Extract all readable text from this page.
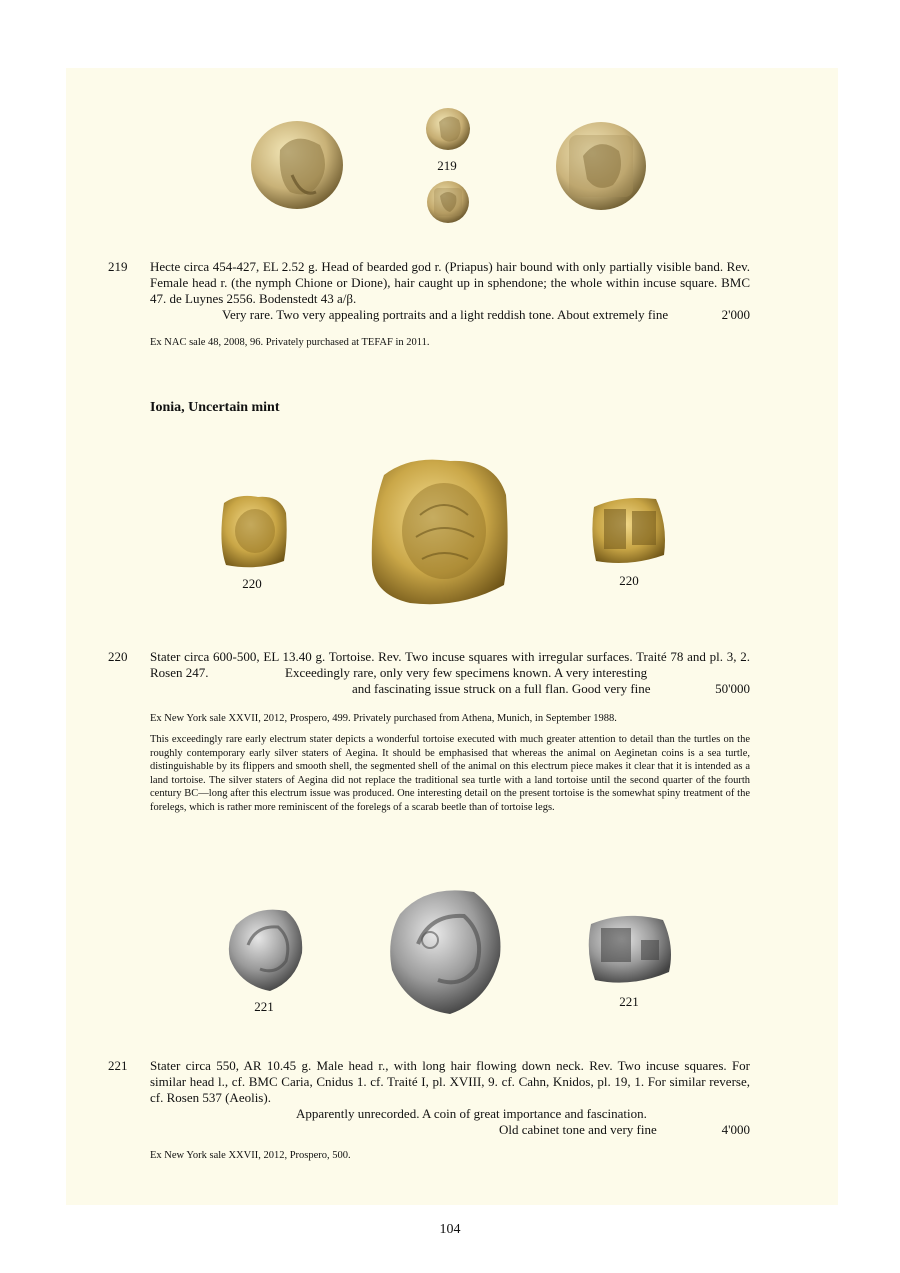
219
219	Hecte circa 454-427, EL 2.52 g. Head of bearded god r. (Priapus) hair bound with only partially visible band. Rev. Female head r. (the nymph Chione or Dione), hair caught up in sphendone; the whole within incuse square. BMC 47. de Luynes 2556. Bodenstedt 43 a/β.
Very rare. Two very appealing portraits and a light reddish tone. About extremely fine	2'000
Ex NAC sale 48, 2008, 96. Privately purchased at TEFAF in 2011.
Ionia, Uncertain mint
220	220
220	Stater circa 600-500, EL 13.40 g. Tortoise. Rev. Two incuse squares with irregular surfaces. Traité 78 and pl. 3, 2. Rosen 247.	Exceedingly rare, only very few specimens known. A very interesting
and fascinating issue struck on a full flan. Good very fine	50'000
Ex New York sale XXVII, 2012, Prospero, 499. Privately purchased from Athena, Munich, in September 1988.
This exceedingly rare early electrum stater depicts a wonderful tortoise executed with much greater attention to detail than the turtles on the roughly contemporary early silver staters of Aegina. It should be emphasised that whereas the animal on Aeginetan coins is a sea turtle, distinguishable by its flippers and smooth shell, the segmented shell of the animal on this electrum piece makes it clear that it is intended as a land tortoise. The silver staters of Aegina did not replace the traditional sea turtle with a land tortoise until the second quarter of the fourth century BC—long after this electrum issue was produced. One interesting detail on the present tortoise is the somewhat spiny treatment of the forelegs, which is rather more reminiscent of the forelegs of a scarab beetle than of tortoise legs.
221	221
221	Stater circa 550, AR 10.45 g. Male head r., with long hair flowing down neck. Rev. Two incuse squares. For similar head l., cf. BMC Caria, Cnidus 1. cf. Traité I, pl. XVIII, 9. cf. Cahn, Knidos, pl. 19, 1. For similar reverse, cf. Rosen 537 (Aeolis).
Apparently unrecorded. A coin of great importance and fascination.
Old cabinet tone and very fine	4'000
Ex New York sale XXVII, 2012, Prospero, 500.
104
